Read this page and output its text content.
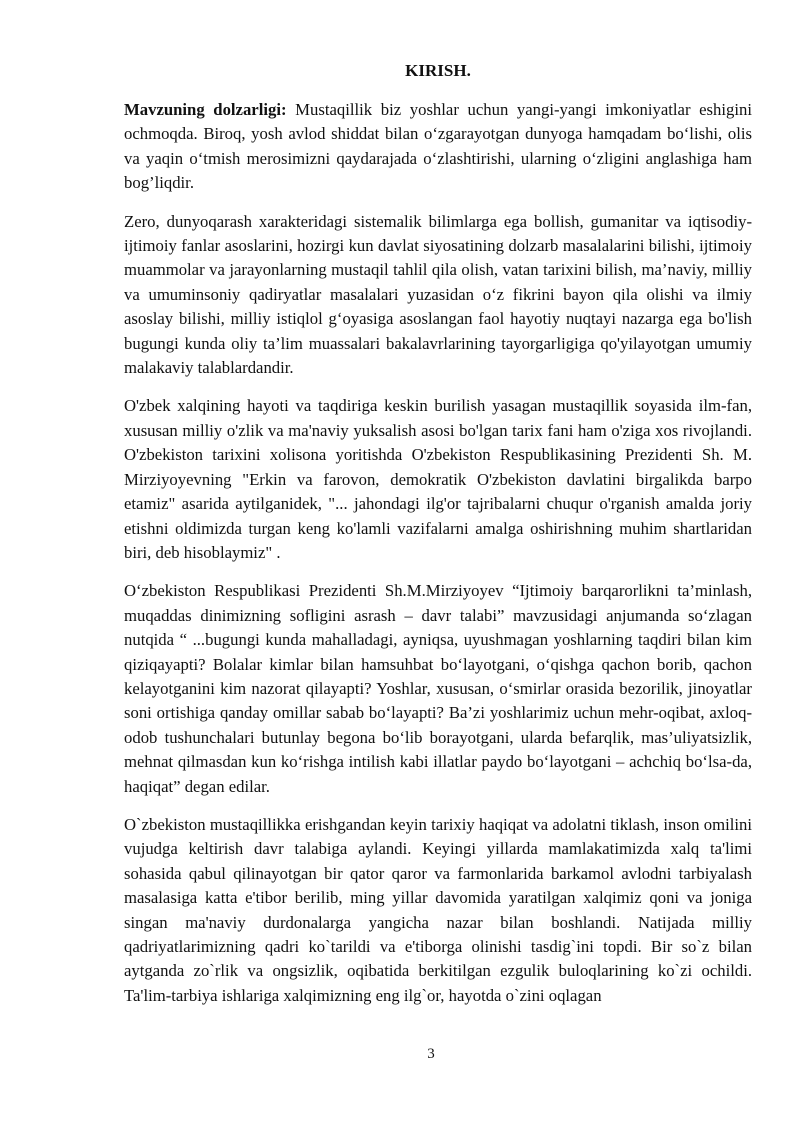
KIRISH.

Mavzuning dolzarligi: Mustaqillik biz yoshlar uchun yangi-yangi imkoniyatlar eshigini ochmoqda. Biroq, yosh avlod shiddat bilan o‘zgarayotgan dunyoga hamqadam bo‘lishi, olis va yaqin o‘tmish merosimizni qaydarajada o‘zlashtirishi, ularning o‘zligini anglashiga ham bog’liqdir.

Zero, dunyoqarash xarakteridagi sistemalik bilimlarga ega bollish, gumanitar va iqtisodiy-ijtimoiy fanlar asoslarini, hozirgi kun davlat siyosatining dolzarb masalalarini bilishi, ijtimoiy muammolar va jarayonlarning mustaqil tahlil qila olish, vatan tarixini bilish, ma’naviy, milliy va umuminsoniy qadiryatlar masalalari yuzasidan o‘z fikrini bayon qila olishi va ilmiy asoslay bilishi, milliy istiqlol g‘oyasiga asoslangan faol hayotiy nuqtayi nazarga ega bo'lish bugungi kunda oliy ta’lim muassalari bakalavrlarining tayorgarligiga qo'yilayotgan umumiy malakaviy talablardandir.

O'zbek xalqining hayoti va taqdiriga keskin burilish yasagan mustaqillik soyasida ilm-fan, xususan milliy o'zlik va ma'naviy yuksalish asosi bo'lgan tarix fani ham o'ziga xos rivojlandi. O'zbekiston tarixini xolisona yoritishda O'zbekiston Respublikasining Prezidenti Sh. M. Mirziyoyevning "Erkin va farovon, demokratik O'zbekiston davlatini birgalikda barpo etamiz" asarida aytilganidek, "... jahondagi ilg'or tajribalarni chuqur o'rganish amalda joriy etishni oldimizda turgan keng ko'lamli vazifalarni amalga oshirishning muhim shartlaridan biri, deb hisoblaymiz" .

O‘zbekiston Respublikasi Prezidenti Sh.M.Mirziyoyev “Ijtimoiy barqarorlikni ta’minlash, muqaddas dinimizning sofligini asrash – davr talabi” mavzusidagi anjumanda so‘zlagan nutqida “ ...bugungi kunda mahalladagi, ayniqsa, uyushmagan yoshlarning taqdiri bilan kim qiziqayapti? Bolalar kimlar bilan hamsuhbat bo‘layotgani, o‘qishga qachon borib, qachon kelayotganini kim nazorat qilayapti? Yoshlar, xususan, o‘smirlar orasida bezorilik, jinoyatlar soni ortishiga qanday omillar sabab bo‘layapti? Ba’zi yoshlarimiz uchun mehr-oqibat, axloq-odob tushunchalari butunlay begona bo‘lib borayotgani, ularda befarqlik, mas’uliyatsizlik, mehnat qilmasdan kun ko‘rishga intilish kabi illatlar paydo bo‘layotgani – achchiq bo‘lsa-da, haqiqat” degan edilar.

O`zbekiston mustaqillikka erishgandan keyin tarixiy haqiqat va adolatni tiklash, inson omilini vujudga keltirish davr talabiga aylandi. Keyingi yillarda mamlakatimizda xalq ta'limi sohasida qabul qilinayotgan bir qator qaror va farmonlarida barkamol avlodni tarbiyalash masalasiga katta e'tibor berilib, ming yillar davomida yaratilgan xalqimiz qoni va joniga singan ma'naviy durdonalarga yangicha nazar bilan boshlandi. Natijada milliy qadriyatlarimizning qadri ko`tarildi va e'tiborga olinishi tasdig`ini topdi. Bir so`z bilan aytganda zo`rlik va ongsizlik, oqibatida berkitilgan ezgulik buloqlarining ko`zi ochildi. Ta'lim-tarbiya ishlariga xalqimizning eng ilg`or, hayotda o`zini oqlagan

3
